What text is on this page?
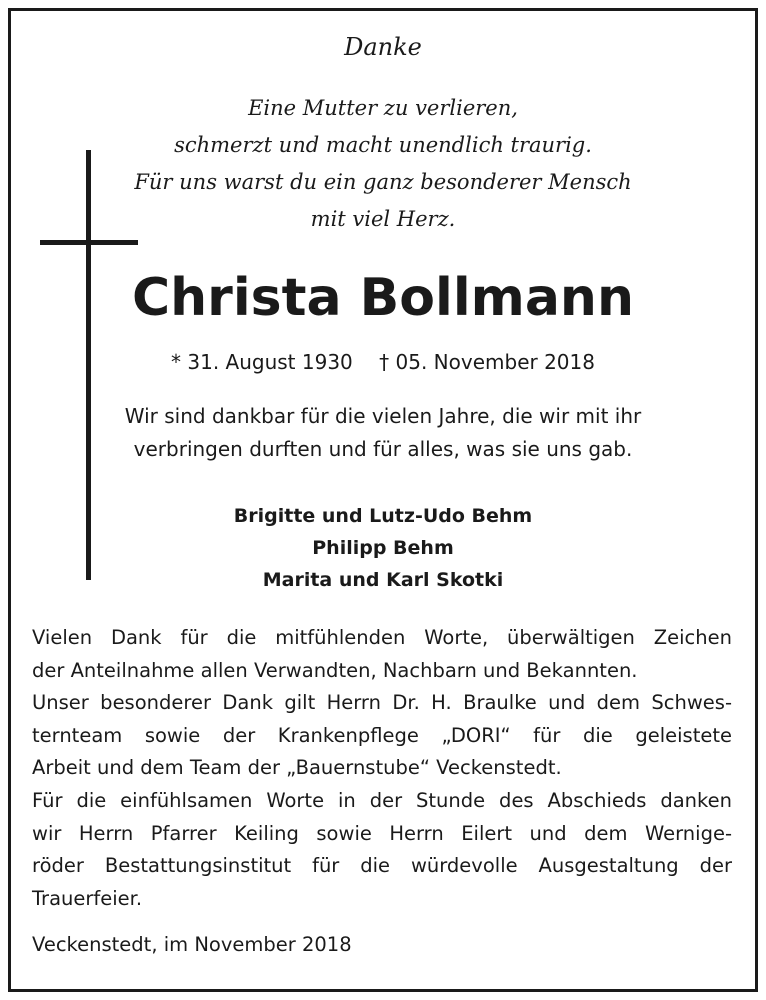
Danke
Eine Mutter zu verlieren,
schmerzt und macht unendlich traurig.
Für uns warst du ein ganz besonderer Mensch
mit viel Herz.
Christa Bollmann
* 31. August 1930 † 05. November 2018
Wir sind dankbar für die vielen Jahre, die wir mit ihr
verbringen durften und für alles, was sie uns gab.
Brigitte und Lutz-Udo Behm
Philipp Behm
Marita und Karl Skotki
Vielen Dank für die mitfühlenden Worte, überwältigen Zeichen
der Anteilnahme allen Verwandten, Nachbarn und Bekannten.
Unser besonderer Dank gilt Herrn Dr. H. Braulke und dem Schwes-
ternteam sowie der Krankenpflege „DORI“ für die geleistete
Arbeit und dem Team der „Bauernstube“ Veckenstedt.
Für die einfühlsamen Worte in der Stunde des Abschieds danken
wir Herrn Pfarrer Keiling sowie Herrn Eilert und dem Wernige-
röder Bestattungsinstitut für die würdevolle Ausgestaltung der
Trauerfeier.
Veckenstedt, im November 2018
